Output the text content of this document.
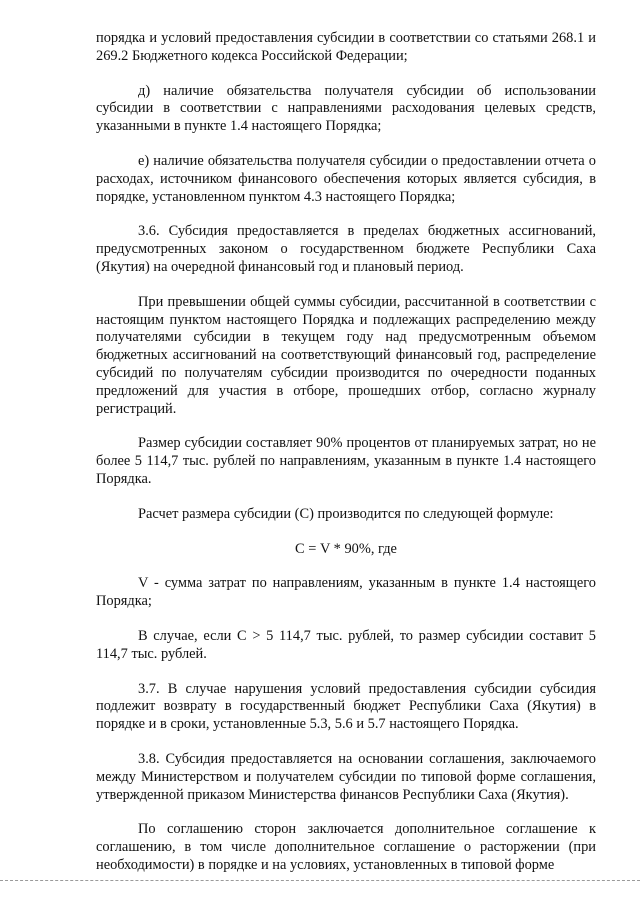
порядка и условий предоставления субсидии в соответствии со статьями 268.1 и 269.2 Бюджетного кодекса Российской Федерации;

д) наличие обязательства получателя субсидии об использовании субсидии в соответствии с направлениями расходования целевых средств, указанными в пункте 1.4 настоящего Порядка;

е) наличие обязательства получателя субсидии о предоставлении отчета о расходах, источником финансового обеспечения которых является субсидия, в порядке, установленном пунктом 4.3 настоящего Порядка;

3.6. Субсидия предоставляется в пределах бюджетных ассигнований, предусмотренных законом о государственном бюджете Республики Саха (Якутия) на очередной финансовый год и плановый период.

При превышении общей суммы субсидии, рассчитанной в соответствии с настоящим пунктом настоящего Порядка и подлежащих распределению между получателями субсидии в текущем году над предусмотренным объемом бюджетных ассигнований на соответствующий финансовый год, распределение субсидий по получателям субсидии производится по очередности поданных предложений для участия в отборе, прошедших отбор, согласно журналу регистраций.

Размер субсидии составляет 90% процентов от планируемых затрат, но не более 5 114,7 тыс. рублей по направлениям, указанным в пункте 1.4 настоящего Порядка.

Расчет размера субсидии (С) производится по следующей формуле:

С = V * 90%, где

V - сумма затрат по направлениям, указанным в пункте 1.4 настоящего Порядка;

В случае, если С > 5 114,7 тыс. рублей, то размер субсидии составит 5 114,7 тыс. рублей.

3.7. В случае нарушения условий предоставления субсидии субсидия подлежит возврату в государственный бюджет Республики Саха (Якутия) в порядке и в сроки, установленные 5.3, 5.6 и 5.7 настоящего Порядка.

3.8. Субсидия предоставляется на основании соглашения, заключаемого между Министерством и получателем субсидии по типовой форме соглашения, утвержденной приказом Министерства финансов Республики Саха (Якутия).

По соглашению сторон заключается дополнительное соглашение к соглашению, в том числе дополнительное соглашение о расторжении (при необходимости) в порядке и на условиях, установленных в типовой форме
